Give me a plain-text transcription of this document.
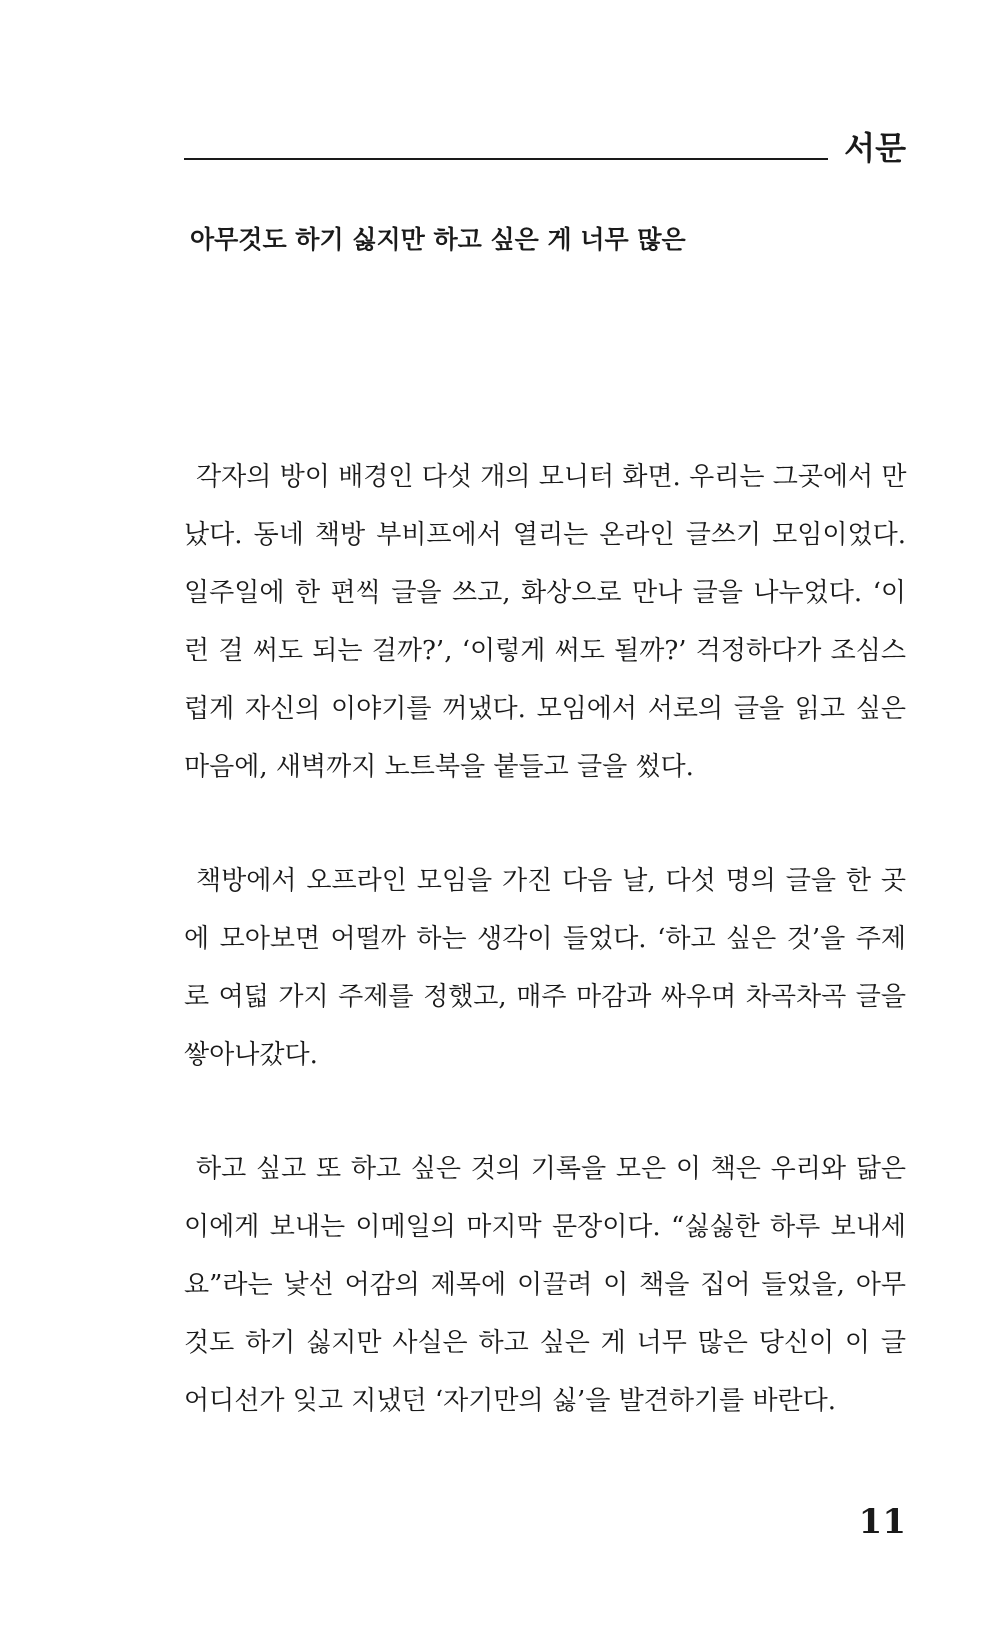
서문
아무것도 하기 싫지만 하고 싶은 게 너무 많은
각자의 방이 배경인 다섯 개의 모니터 화면. 우리는 그곳에서 만
났다. 동네 책방 부비프에서 열리는 온라인 글쓰기 모임이었다.
일주일에 한 편씩 글을 쓰고, 화상으로 만나 글을 나누었다. ‘이
런 걸 써도 되는 걸까?’, ‘이렇게 써도 될까?’ 걱정하다가 조심스
럽게 자신의 이야기를 꺼냈다. 모임에서 서로의 글을 읽고 싶은
마음에, 새벽까지 노트북을 붙들고 글을 썼다.
책방에서 오프라인 모임을 가진 다음 날, 다섯 명의 글을 한 곳
에 모아보면 어떨까 하는 생각이 들었다. ‘하고 싶은 것’을 주제
로 여덟 가지 주제를 정했고, 매주 마감과 싸우며 차곡차곡 글을
쌓아나갔다.
하고 싶고 또 하고 싶은 것의 기록을 모은 이 책은 우리와 닮은
이에게 보내는 이메일의 마지막 문장이다. “싫싫한 하루 보내세
요”라는 낯선 어감의 제목에 이끌려 이 책을 집어 들었을, 아무
것도 하기 싫지만 사실은 하고 싶은 게 너무 많은 당신이 이 글
어디선가 잊고 지냈던 ‘자기만의 싫’을 발견하기를 바란다.
11
